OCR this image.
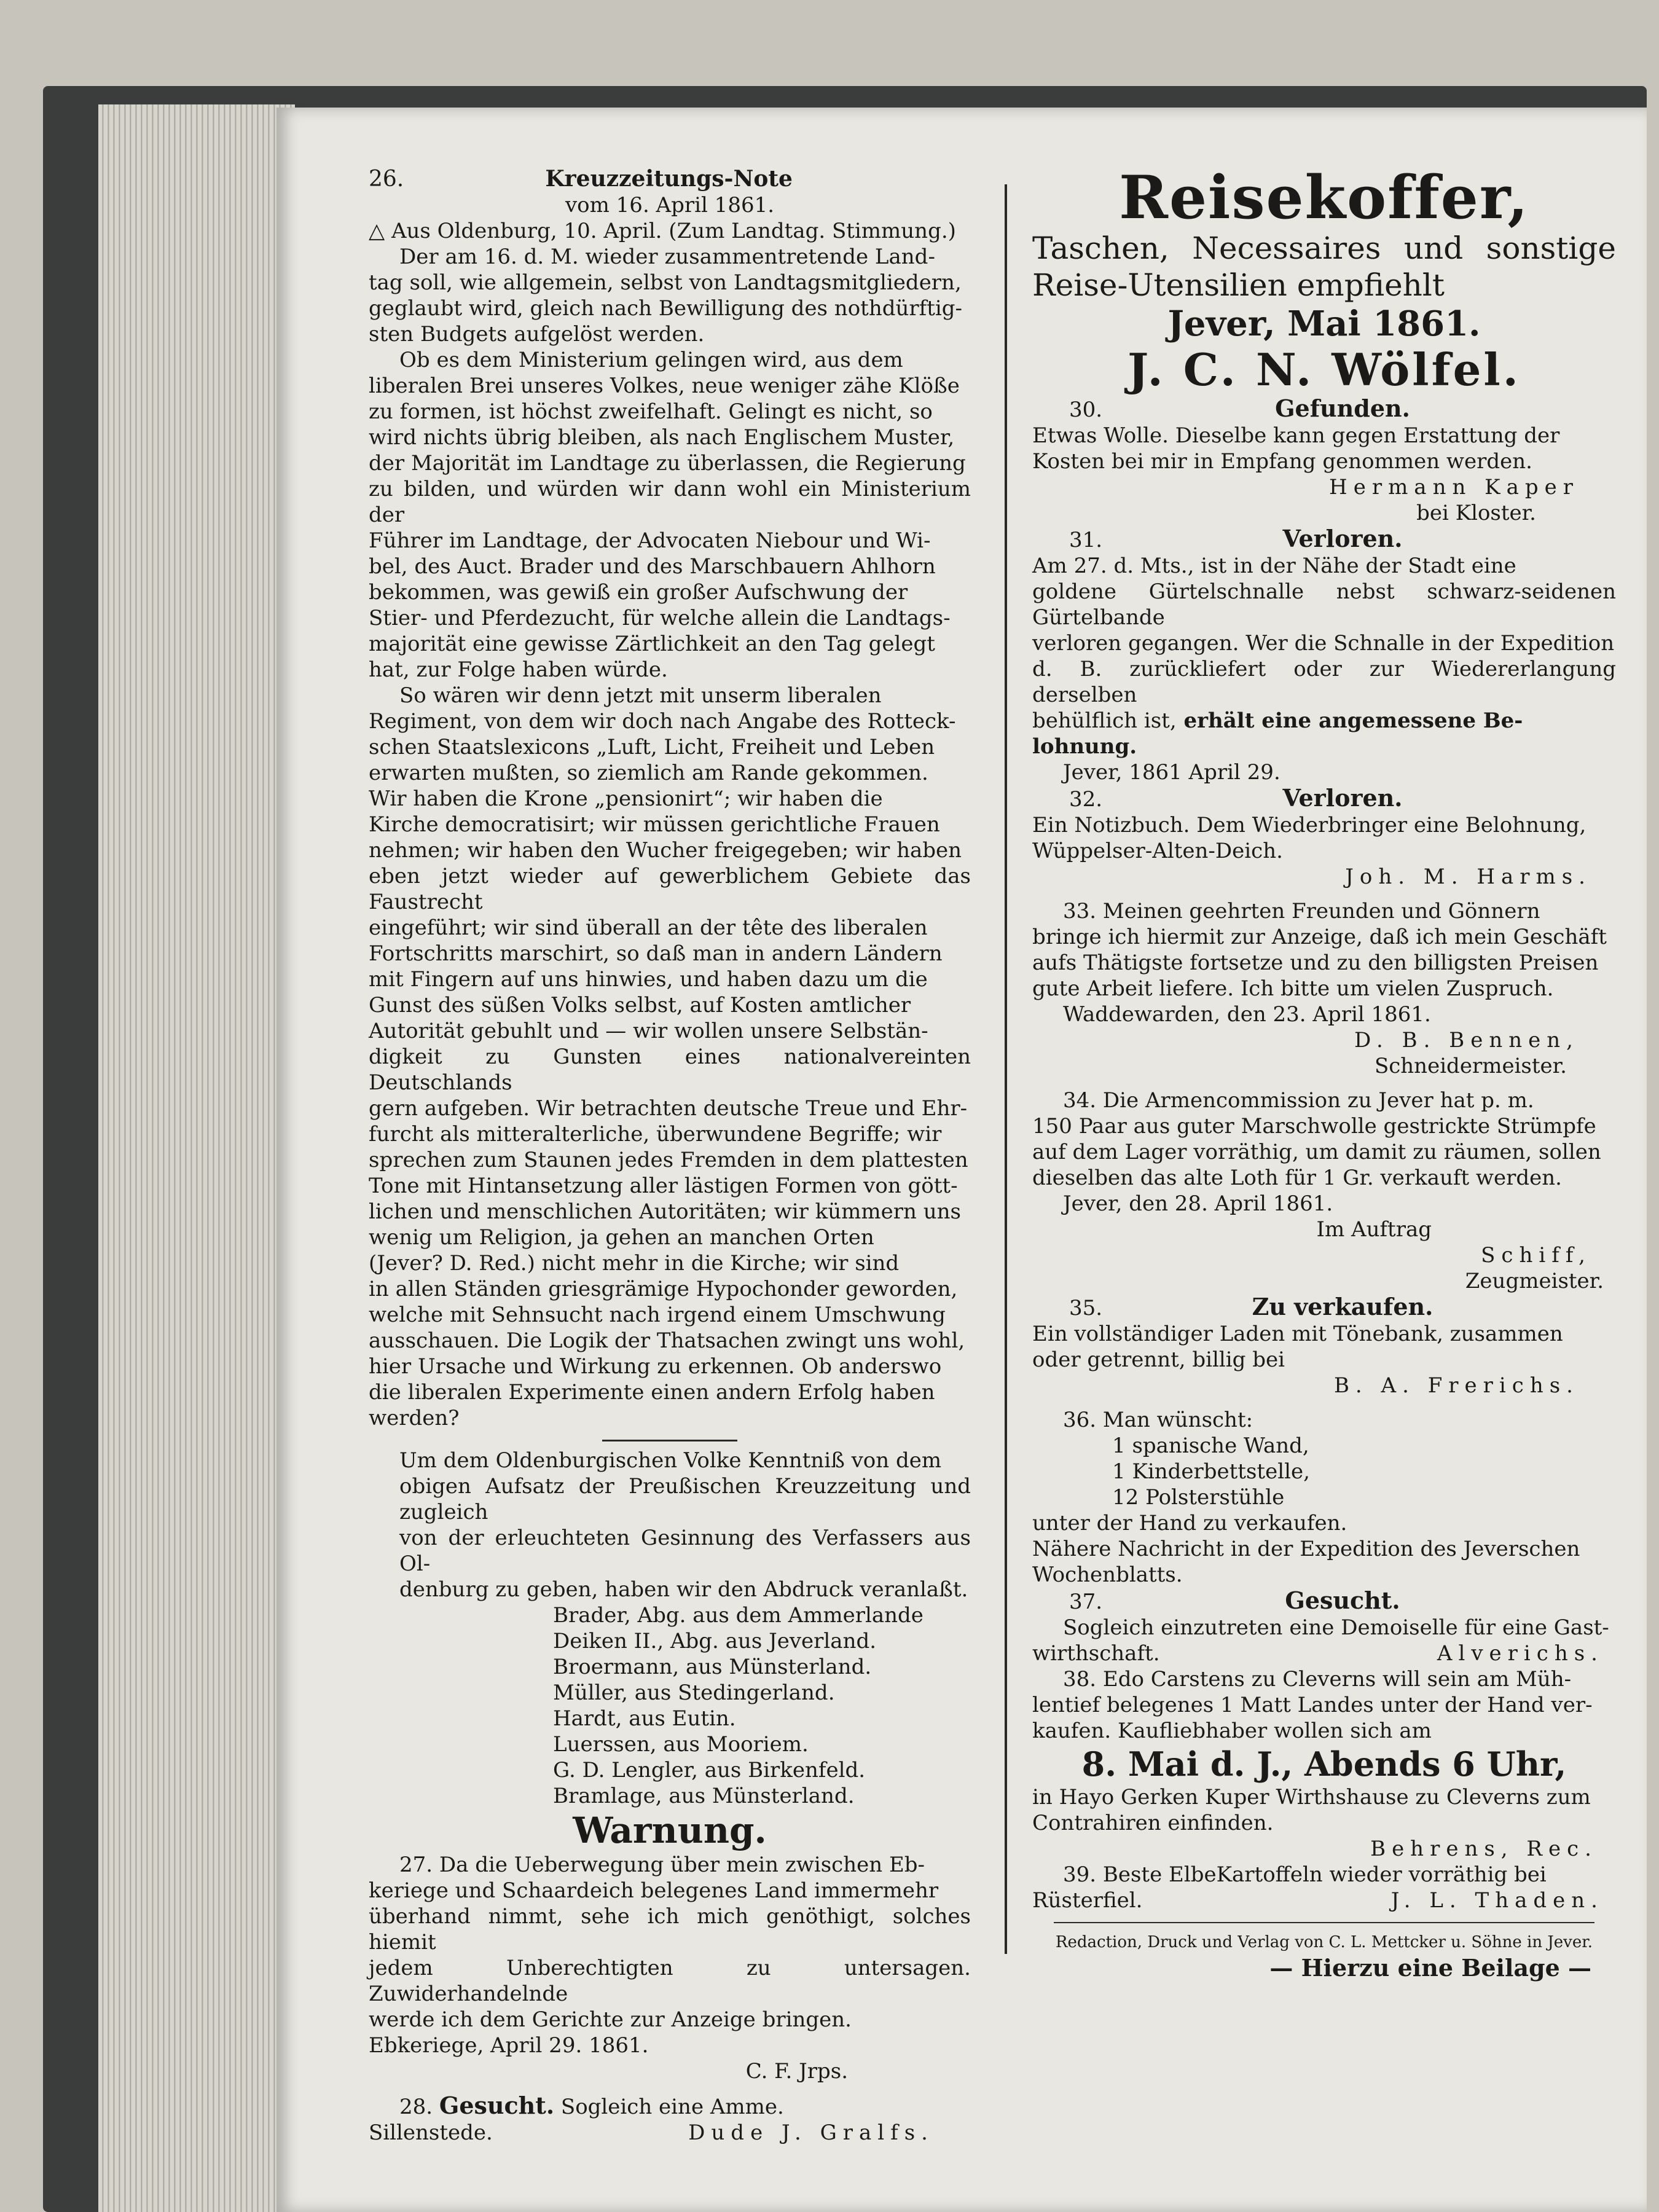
26.	Kreuzzeitungs-Note
vom 16. April 1861.
△ Aus Oldenburg, 10. April. (Zum Landtag. Stimmung.)
Der am 16. d. M. wieder zusammentretende Land-
tag soll, wie allgemein, selbst von Landtagsmitgliedern,
geglaubt wird, gleich nach Bewilligung des nothdürftig-
sten Budgets aufgelöst werden.
Ob es dem Ministerium gelingen wird, aus dem
liberalen Brei unseres Volkes, neue weniger zähe Klöße
zu formen, ist höchst zweifelhaft. Gelingt es nicht, so
wird nichts übrig bleiben, als nach Englischem Muster,
der Majorität im Landtage zu überlassen, die Regierung
zu bilden, und würden wir dann wohl ein Ministerium der
Führer im Landtage, der Advocaten Niebour und Wi-
bel, des Auct. Brader und des Marschbauern Ahlhorn
bekommen, was gewiß ein großer Aufschwung der
Stier- und Pferdezucht, für welche allein die Landtags-
majorität eine gewisse Zärtlichkeit an den Tag gelegt
hat, zur Folge haben würde.
So wären wir denn jetzt mit unserm liberalen
Regiment, von dem wir doch nach Angabe des Rotteck-
schen Staatslexicons „Luft, Licht, Freiheit und Leben
erwarten mußten, so ziemlich am Rande gekommen.
Wir haben die Krone „pensionirt“; wir haben die
Kirche democratisirt; wir müssen gerichtliche Frauen
nehmen; wir haben den Wucher freigegeben; wir haben
eben jetzt wieder auf gewerblichem Gebiete das Faustrecht
eingeführt; wir sind überall an der tête des liberalen
Fortschritts marschirt, so daß man in andern Ländern
mit Fingern auf uns hinwies, und haben dazu um die
Gunst des süßen Volks selbst, auf Kosten amtlicher
Autorität gebuhlt und — wir wollen unsere Selbstän-
digkeit zu Gunsten eines nationalvereinten Deutschlands
gern aufgeben. Wir betrachten deutsche Treue und Ehr-
furcht als mitteralterliche, überwundene Begriffe; wir
sprechen zum Staunen jedes Fremden in dem plattesten
Tone mit Hintansetzung aller lästigen Formen von gött-
lichen und menschlichen Autoritäten; wir kümmern uns
wenig um Religion, ja gehen an manchen Orten
(Jever? D. Red.) nicht mehr in die Kirche; wir sind
in allen Ständen griesgrämige Hypochonder geworden,
welche mit Sehnsucht nach irgend einem Umschwung
ausschauen. Die Logik der Thatsachen zwingt uns wohl,
hier Ursache und Wirkung zu erkennen. Ob anderswo
die liberalen Experimente einen andern Erfolg haben
werden?
Um dem Oldenburgischen Volke Kenntniß von dem
obigen Aufsatz der Preußischen Kreuzzeitung und zugleich
von der erleuchteten Gesinnung des Verfassers aus Ol-
denburg zu geben, haben wir den Abdruck veranlaßt.
Brader, Abg. aus dem Ammerlande
Deiken II., Abg. aus Jeverland.
Broermann, aus Münsterland.
Müller, aus Stedingerland.
Hardt, aus Eutin.
Luerssen, aus Mooriem.
G. D. Lengler, aus Birkenfeld.
Bramlage, aus Münsterland.
Warnung.
27. Da die Ueberwegung über mein zwischen Eb-
keriege und Schaardeich belegenes Land immermehr
überhand nimmt, sehe ich mich genöthigt, solches hiemit
jedem Unberechtigten zu untersagen. Zuwiderhandelnde
werde ich dem Gerichte zur Anzeige bringen.
Ebkeriege, April 29. 1861.
C. F. Jrps.
28. Gesucht. Sogleich eine Amme.
Sillenstede.	Dude J. Gralfs.
Reisekoffer,
Taschen, Necessaires und sonstige
Reise-Utensilien empfiehlt
Jever, Mai 1861.
J. C. N. Wölfel.
30.	Gefunden.
Etwas Wolle. Dieselbe kann gegen Erstattung der
Kosten bei mir in Empfang genommen werden.
Hermann Kaper
bei Kloster.
31.	Verloren.
Am 27. d. Mts., ist in der Nähe der Stadt eine
goldene Gürtelschnalle nebst schwarz-seidenen Gürtelbande
verloren gegangen. Wer die Schnalle in der Expedition
d. B. zurückliefert oder zur Wiedererlangung derselben
behülflich ist, erhält eine angemessene Be-
lohnung.
Jever, 1861 April 29.
32.	Verloren.
Ein Notizbuch. Dem Wiederbringer eine Belohnung,
Wüppelser-Alten-Deich.
Joh. M. Harms.
33. Meinen geehrten Freunden und Gönnern
bringe ich hiermit zur Anzeige, daß ich mein Geschäft
aufs Thätigste fortsetze und zu den billigsten Preisen
gute Arbeit liefere. Ich bitte um vielen Zuspruch.
Waddewarden, den 23. April 1861.
D. B. Bennen,
Schneidermeister.
34. Die Armencommission zu Jever hat p. m.
150 Paar aus guter Marschwolle gestrickte Strümpfe
auf dem Lager vorräthig, um damit zu räumen, sollen
dieselben das alte Loth für 1 Gr. verkauft werden.
Jever, den 28. April 1861.
Im Auftrag
Schiff,
Zeugmeister.
35.	Zu verkaufen.
Ein vollständiger Laden mit Tönebank, zusammen
oder getrennt, billig bei
B. A. Frerichs.
36. Man wünscht:
1 spanische Wand,
1 Kinderbettstelle,
12 Polsterstühle
unter der Hand zu verkaufen.
Nähere Nachricht in der Expedition des Jeverschen
Wochenblatts.
37.	Gesucht.
Sogleich einzutreten eine Demoiselle für eine Gast-
wirthschaft.	Alverichs.
38. Edo Carstens zu Cleverns will sein am Müh-
lentief belegenes 1 Matt Landes unter der Hand ver-
kaufen. Kaufliebhaber wollen sich am
8. Mai d. J., Abends 6 Uhr,
in Hayo Gerken Kuper Wirthshause zu Cleverns zum
Contrahiren einfinden.
Behrens, Rec.
39. Beste ElbeKartoffeln wieder vorräthig bei
Rüsterfiel.	J. L. Thaden.
Redaction, Druck und Verlag von C. L. Mettcker u. Söhne in Jever.
— Hierzu eine Beilage —
